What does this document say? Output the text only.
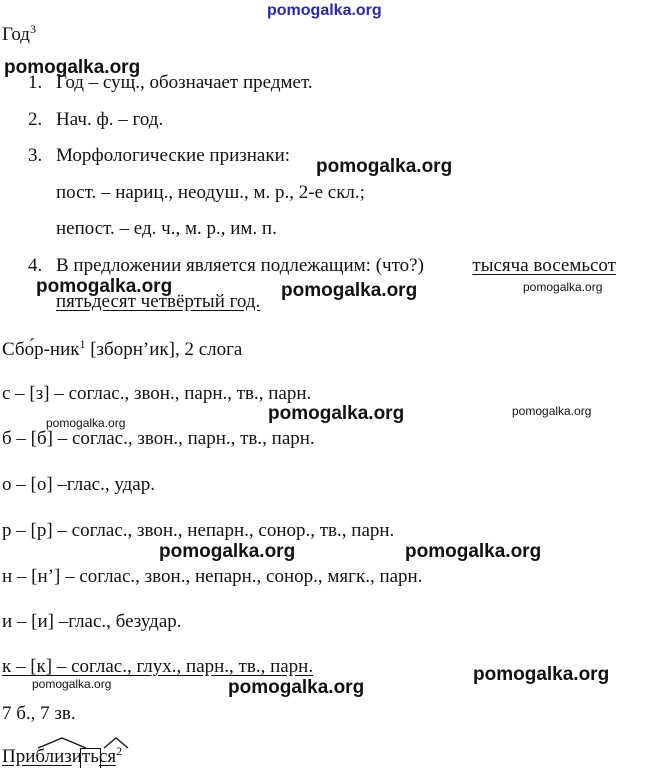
pomogalka.org
pomogalka.org
pomogalka.org
pomogalka.org	pomogalka.org	pomogalka.org
pomogalka.org	pomogalka.org	pomogalka.org
pomogalka.org	pomogalka.org
pomogalka.org
pomogalka.org	pomogalka.org
Год$^3$
1. Год – сущ., обозначает предмет.
2. Нач. ф. – год.
3. Морфологические признаки:
пост. – нариц., неодуш., м. р., 2-е скл.;
непост. – ед. ч., м. р., им. п.
4. В предложении является подлежащим: (что?)	тысяча восемьсот
пятьдесят четвёртый год.
Сбо́р-ник$^1$ [зборн’ик], 2 слога
с – [з] – соглас., звон., парн., тв., парн.
б – [б] – соглас., звон., парн., тв., парн.
о – [о] –глас., удар.
р – [р] – соглас., звон., непарн., сонор., тв., парн.
н – [н’] – соглас., звон., непарн., сонор., мягк., парн.
и – [и] –глас., безудар.
к – [к] – соглас., глух., парн., тв., парн.
7 б., 7 зв.
Приблизить
$ся^2$
